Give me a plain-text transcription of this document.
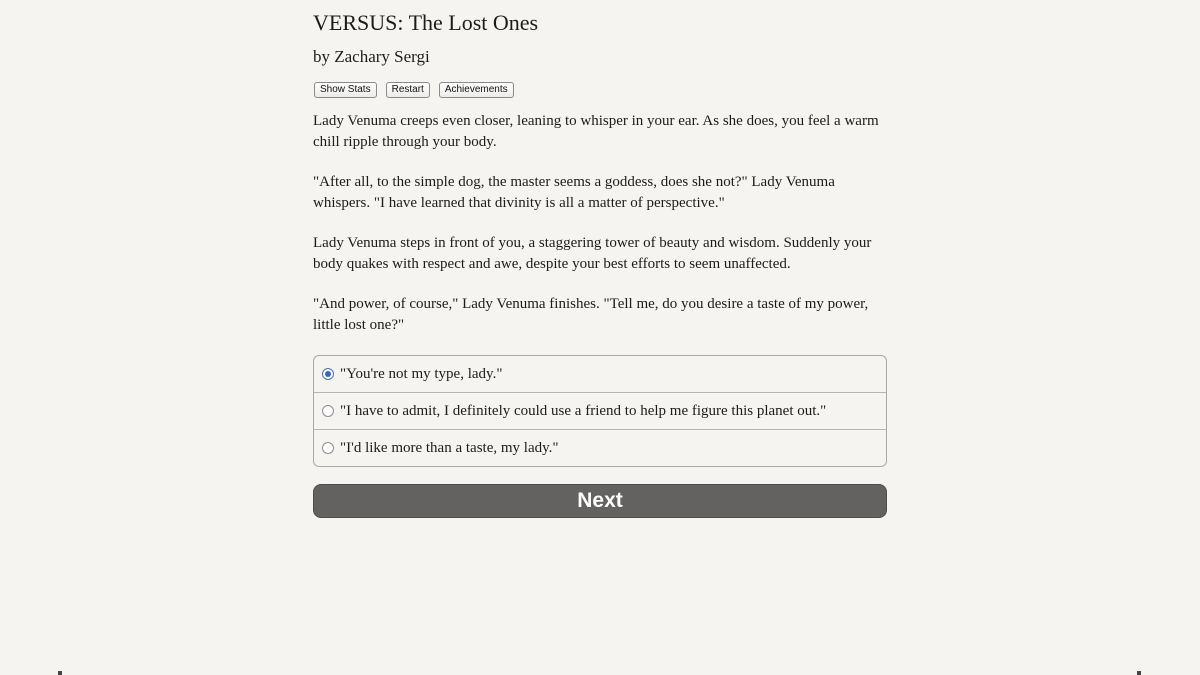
VERSUS: The Lost Ones
by Zachary Sergi
Show Stats	Restart	Achievements

Lady Venuma creeps even closer, leaning to whisper in your ear. As she does, you feel a warm chill ripple through your body.

"After all, to the simple dog, the master seems a goddess, does she not?" Lady Venuma whispers. "I have learned that divinity is all a matter of perspective."

Lady Venuma steps in front of you, a staggering tower of beauty and wisdom. Suddenly your body quakes with respect and awe, despite your best efforts to seem unaffected.

"And power, of course," Lady Venuma finishes. "Tell me, do you desire a taste of my power, little lost one?"

"You're not my type, lady."
"I have to admit, I definitely could use a friend to help me figure this planet out."
"I'd like more than a taste, my lady."
Next
